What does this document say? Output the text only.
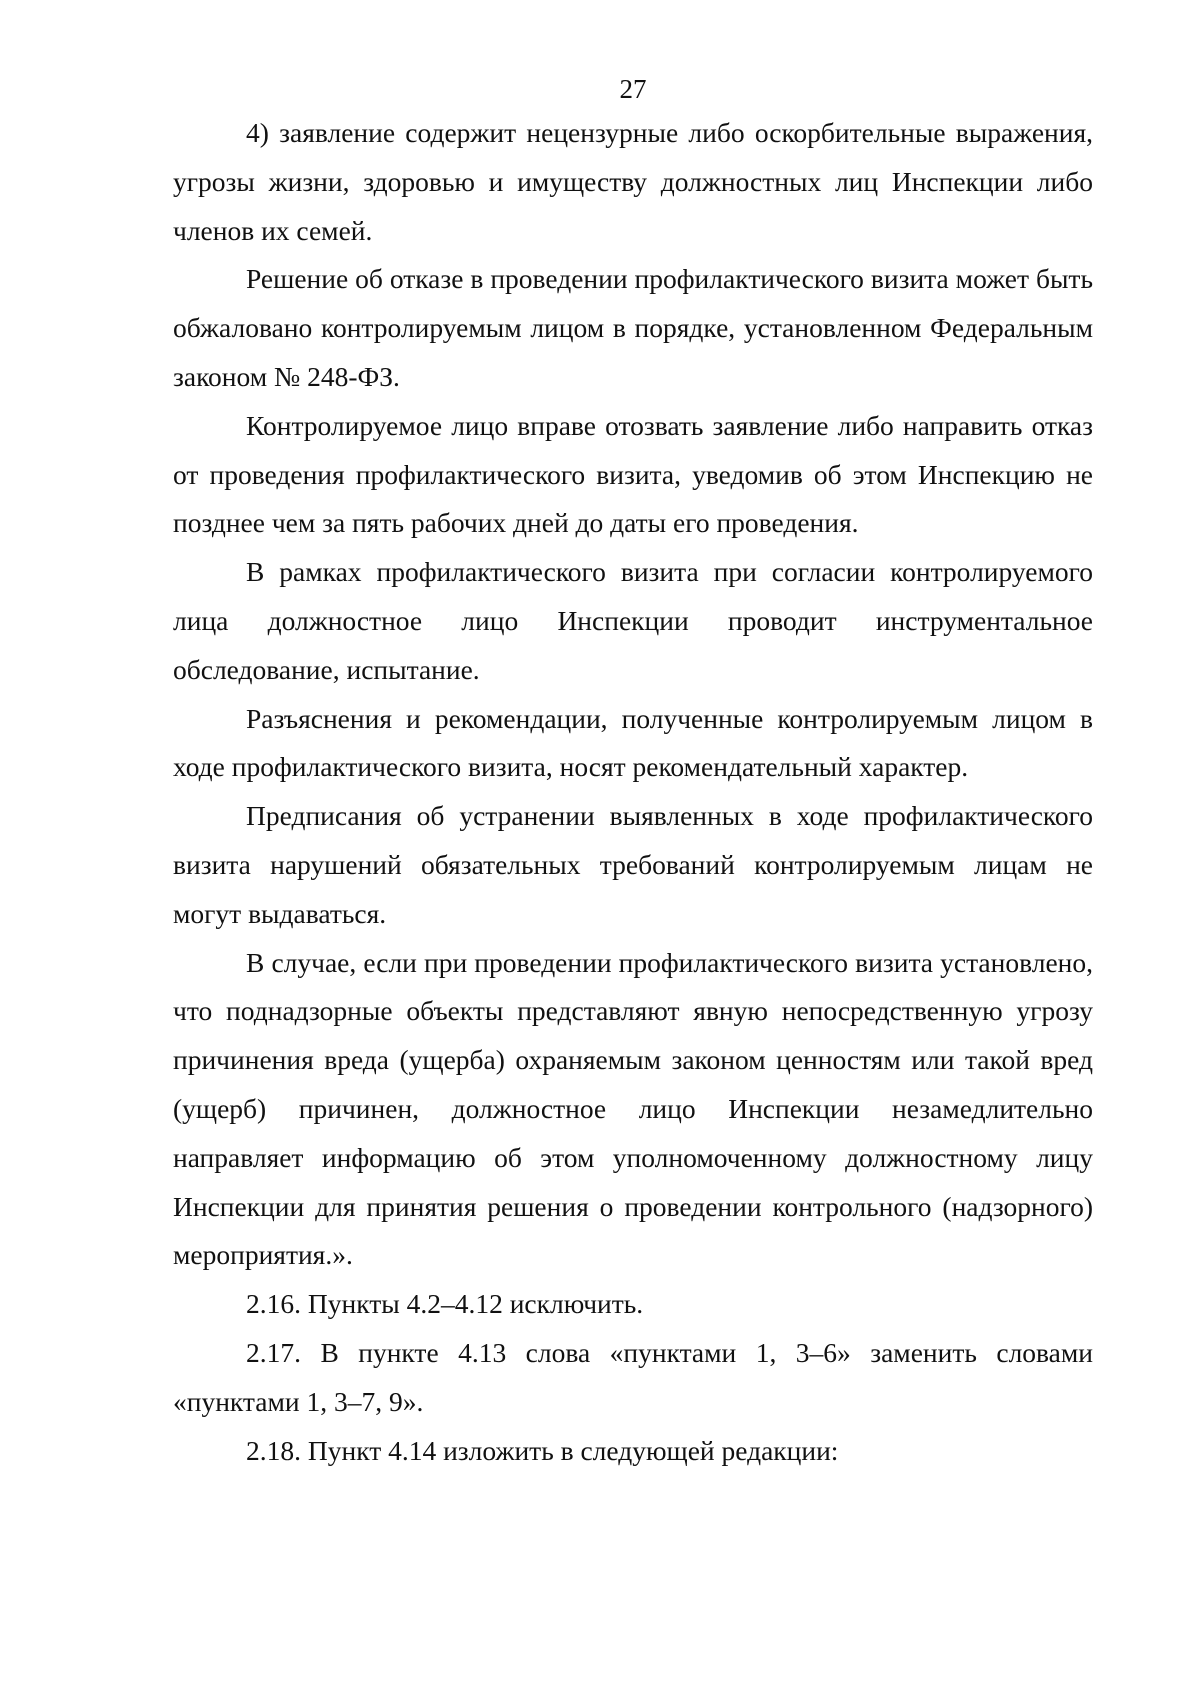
27

4) заявление содержит нецензурные либо оскорбительные выражения, угрозы жизни, здоровью и имуществу должностных лиц Инспекции либо членов их семей.

Решение об отказе в проведении профилактического визита может быть обжаловано контролируемым лицом в порядке, установленном Федеральным законом № 248-ФЗ.

Контролируемое лицо вправе отозвать заявление либо направить отказ от проведения профилактического визита, уведомив об этом Инспекцию не позднее чем за пять рабочих дней до даты его проведения.

В рамках профилактического визита при согласии контролируемого лица должностное лицо Инспекции проводит инструментальное обследование, испытание.

Разъяснения и рекомендации, полученные контролируемым лицом в ходе профилактического визита, носят рекомендательный характер.

Предписания об устранении выявленных в ходе профилактического визита нарушений обязательных требований контролируемым лицам не могут выдаваться.

В случае, если при проведении профилактического визита установлено, что поднадзорные объекты представляют явную непосредственную угрозу причинения вреда (ущерба) охраняемым законом ценностям или такой вред (ущерб) причинен, должностное лицо Инспекции незамедлительно направляет информацию об этом уполномоченному должностному лицу Инспекции для принятия решения о проведении контрольного (надзорного) мероприятия.».

2.16. Пункты 4.2–4.12 исключить.

2.17. В пункте 4.13 слова «пунктами 1, 3–6» заменить словами «пунктами 1, 3–7, 9».

2.18. Пункт 4.14 изложить в следующей редакции:
